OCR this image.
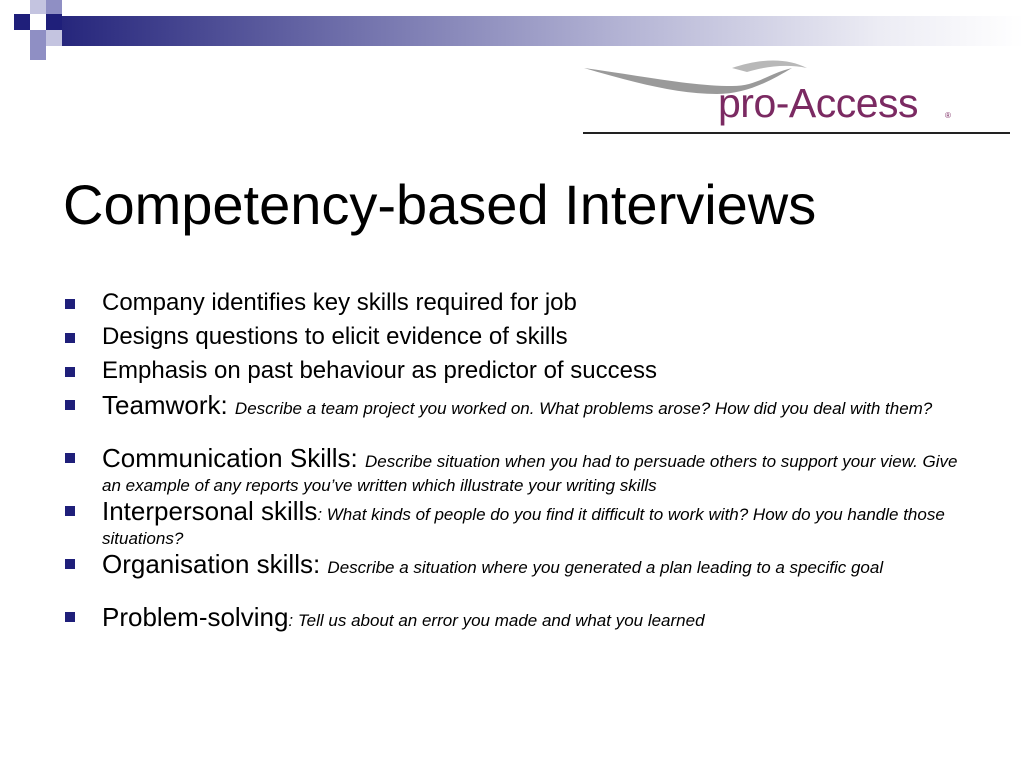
pro-Access	®
Competency-based Interviews
Company identifies key skills required for job
Designs questions to elicit evidence of skills
Emphasis on past behaviour as predictor of success
Teamwork: Describe a team project you worked on. What problems arose? How did you deal with them?
Communication Skills: Describe situation when you had to persuade others to support your view. Give an example of any reports you’ve written which illustrate your writing skills
Interpersonal skills: What kinds of people do you find it difficult to work with? How do you handle those situations?
Organisation skills: Describe a situation where you generated a plan leading to a specific goal
Problem-solving: Tell us about an error you made and what you learned
